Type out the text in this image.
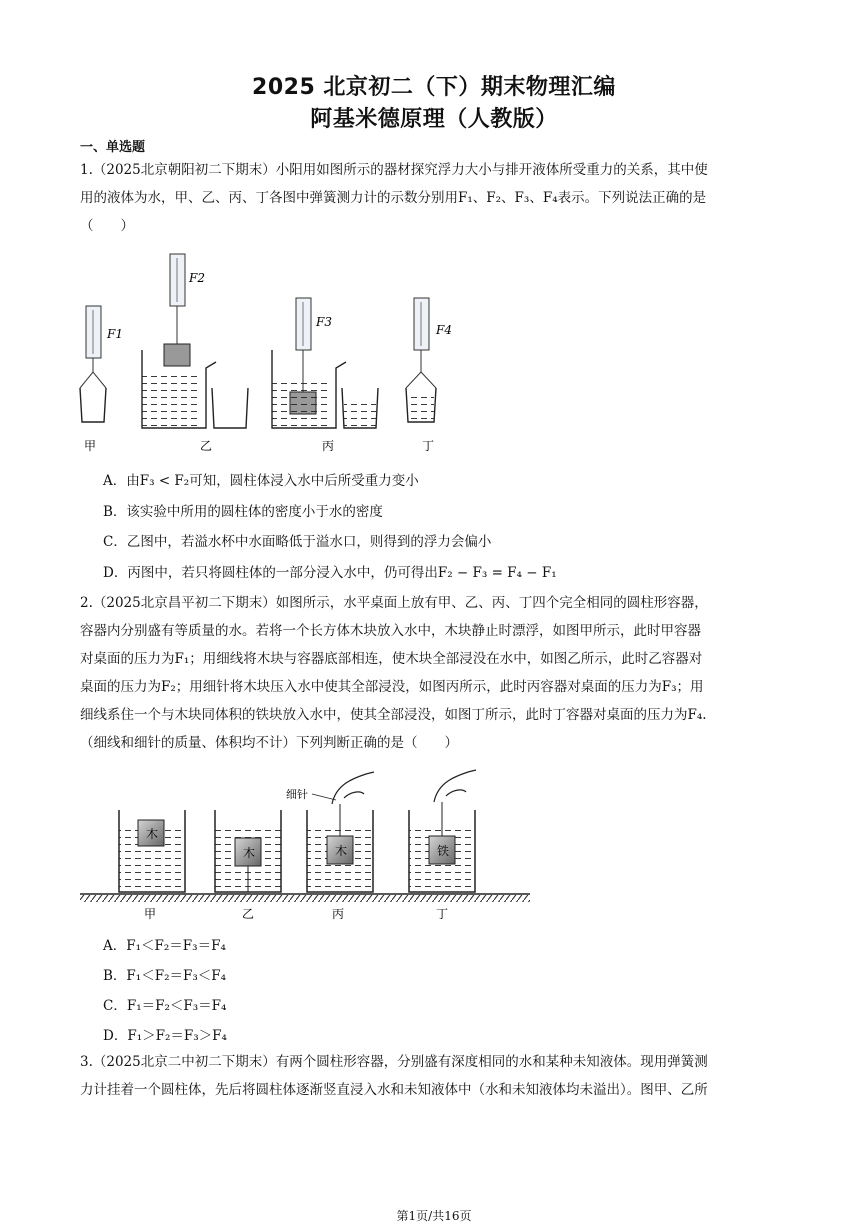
2025 北京初二（下）期末物理汇编
阿基米德原理（人教版）
一、单选题
1.（2025北京朝阳初二下期末）小阳用如图所示的器材探究浮力大小与排开液体所受重力的关系，其中使
用的液体为水，甲、乙、丙、丁各图中弹簧测力计的示数分别用F₁、F₂、F₃、F₄表示。下列说法正确的是
（　　）
F1
F2
F3
F4
甲	乙	丙	丁
A．由F₃ < F₂可知，圆柱体浸入水中后所受重力变小
B．该实验中所用的圆柱体的密度小于水的密度
C．乙图中，若溢水杯中水面略低于溢水口，则得到的浮力会偏小
D．丙图中，若只将圆柱体的一部分浸入水中，仍可得出F₂ − F₃ = F₄ − F₁
2.（2025北京昌平初二下期末）如图所示，水平桌面上放有甲、乙、丙、丁四个完全相同的圆柱形容器，
容器内分别盛有等质量的水。若将一个长方体木块放入水中，木块静止时漂浮，如图甲所示，此时甲容器
对桌面的压力为F₁；用细线将木块与容器底部相连，使木块全部浸没在水中，如图乙所示，此时乙容器对
桌面的压力为F₂；用细针将木块压入水中使其全部浸没，如图丙所示，此时丙容器对桌面的压力为F₃；用
细线系住一个与木块同体积的铁块放入水中，使其全部浸没，如图丁所示，此时丁容器对桌面的压力为F₄.
（细线和细针的质量、体积均不计）下列判断正确的是（　　）
木
木
细针
木	铁
甲	乙	丙	丁
A．F₁＜F₂＝F₃＝F₄
B．F₁＜F₂＝F₃＜F₄
C．F₁＝F₂＜F₃＝F₄
D．F₁＞F₂＝F₃＞F₄
3.（2025北京二中初二下期末）有两个圆柱形容器，分别盛有深度相同的水和某种未知液体。现用弹簧测
力计挂着一个圆柱体，先后将圆柱体逐渐竖直浸入水和未知液体中（水和未知液体均未溢出）。图甲、乙所
第1页/共16页
